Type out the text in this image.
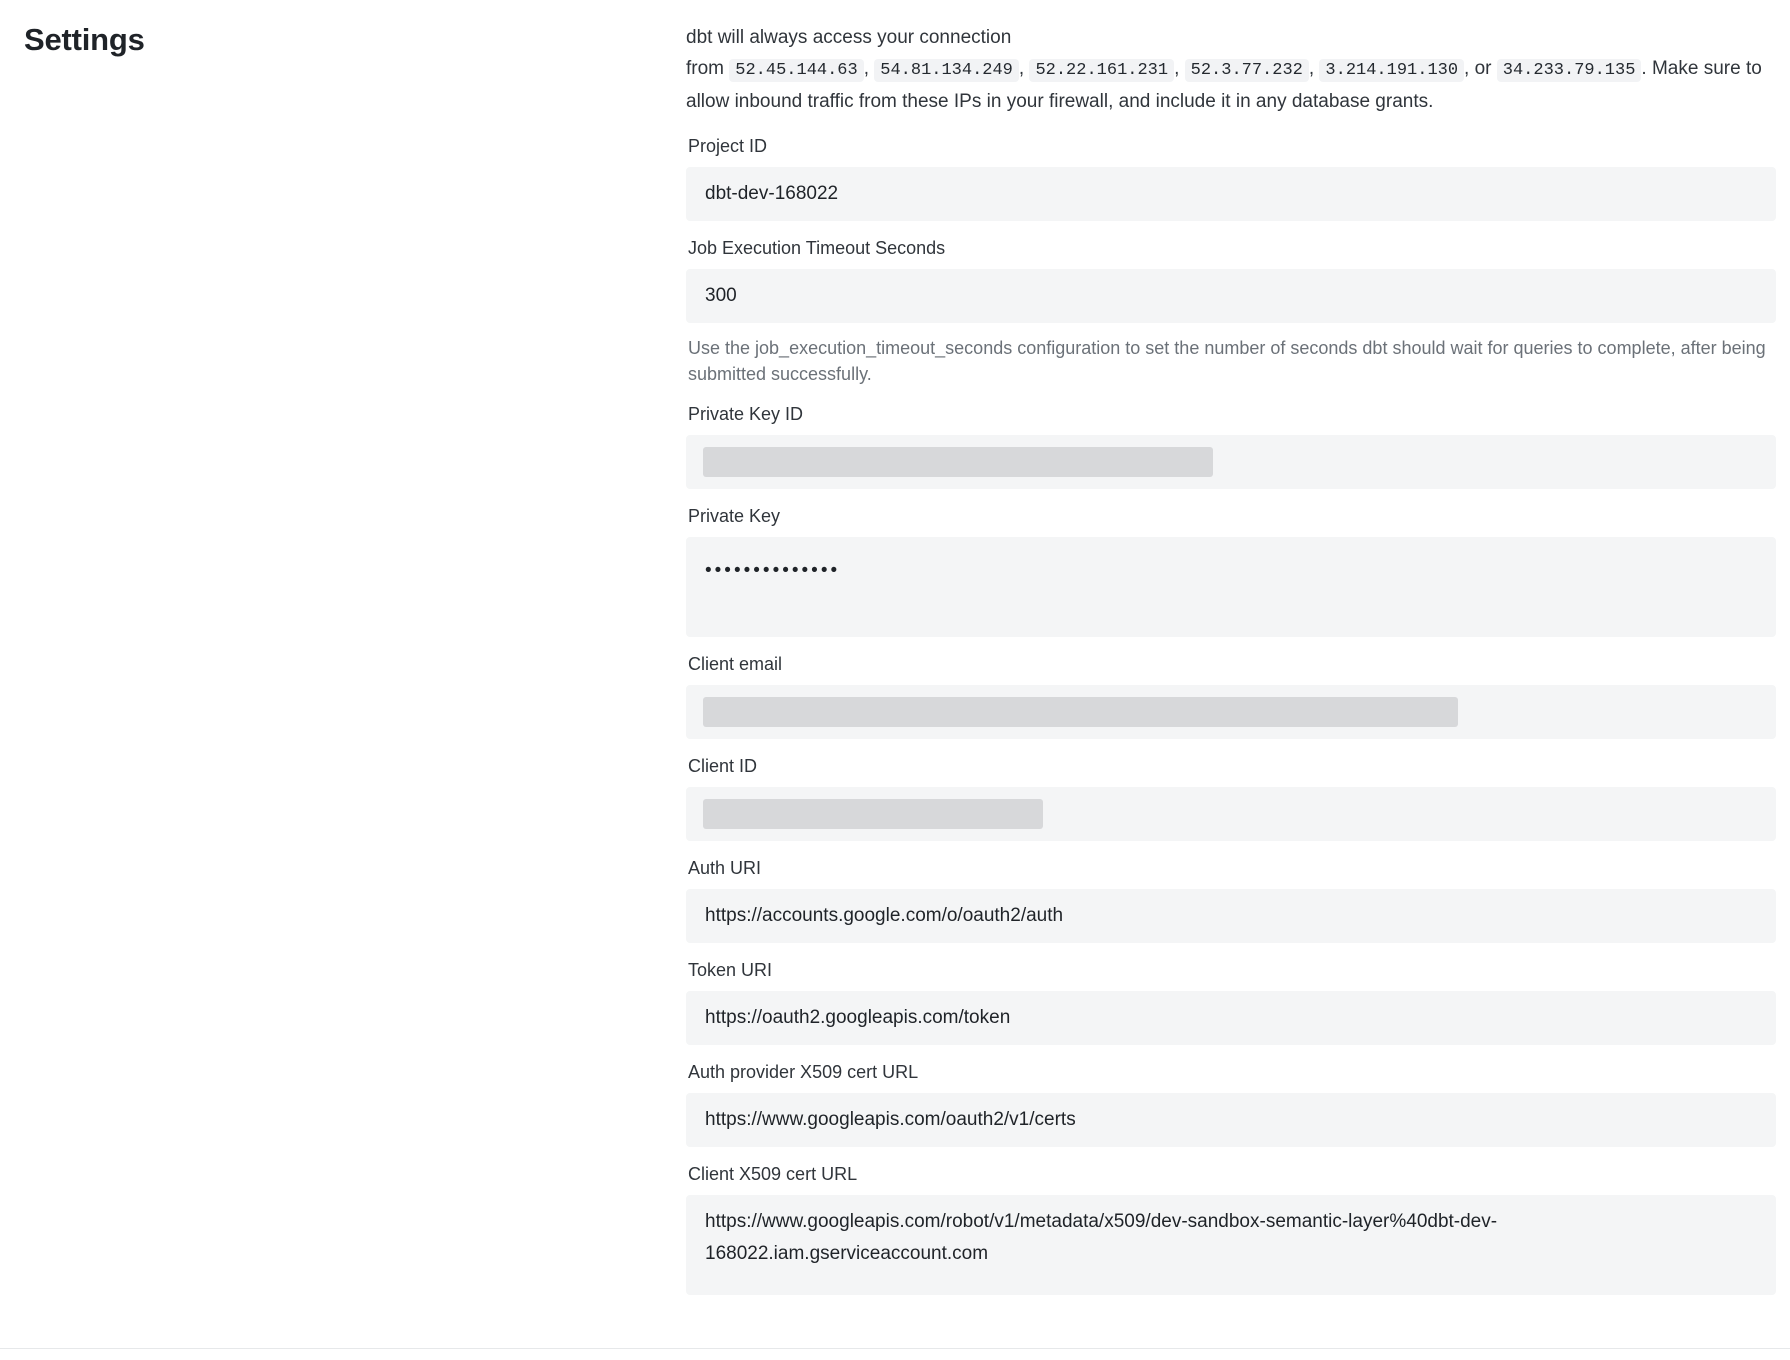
Settings	dbt will always access your connection from 52.45.144.63 , 54.81.134.249 , 52.22.161.231 , 52.3.77.232 , 3.214.191.130 , or 34.233.79.135 . Make sure to allow inbound traffic from these IPs in your firewall, and include it in any database grants.

Project ID
dbt-dev-168022
Job Execution Timeout Seconds
300
Use the job_execution_timeout_seconds configuration to set the number of seconds dbt should wait for queries to complete, after being submitted successfully.
Private Key ID
Private Key
••••••••••••••
Client email
Client ID
Auth URI
https://accounts.google.com/o/oauth2/auth
Token URI
https://oauth2.googleapis.com/token
Auth provider X509 cert URL
https://www.googleapis.com/oauth2/v1/certs
Client X509 cert URL
https://www.googleapis.com/robot/v1/metadata/x509/dev-sandbox-semantic-layer%40dbt-dev-168022.iam.gserviceaccount.com
